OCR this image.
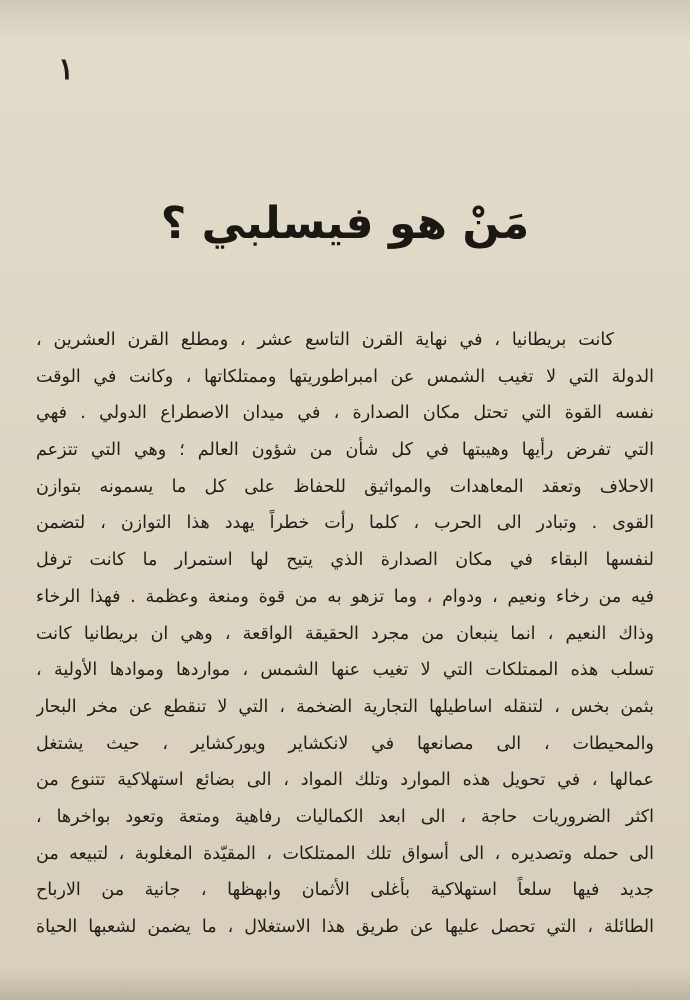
١
مَنْ هو فيسلبي ؟
كانت بريطانيا ، في نهاية القرن التاسع عشر ، ومطلع القرن العشرين ،
الدولة التي لا تغيب الشمس عن امبراطوريتها وممتلكاتها ، وكانت في الوقت
نفسه القوة التي تحتل مكان الصدارة ، في ميدان الاصطراع الدولي . فهي
التي تفرض رأيها وهيبتها في كل شأن من شؤون العالم ؛ وهي التي تتزعم
الاحلاف وتعقد المعاهدات والمواثيق للحفاظ على كل ما يسمونه بتوازن
القوى . وتبادر الى الحرب ، كلما رأت خطراً يهدد هذا التوازن ، لتضمن
لنفسها البقاء في مكان الصدارة الذي يتيح لها استمرار ما كانت ترفل
فيه من رخاء ونعيم ، ودوام ، وما تزهو به من قوة ومنعة وعظمة . فهذا الرخاء
وذاك النعيم ، انما ينبعان من مجرد الحقيقة الواقعة ، وهي ان بريطانيا كانت
تسلب هذه الممتلكات التي لا تغيب عنها الشمس ، مواردها وموادها الأولية ،
بثمن بخس ، لتنقله اساطيلها التجارية الضخمة ، التي لا تنقطع عن مخر البحار
والمحيطات ، الى مصانعها في لانكشاير ويوركشاير ، حيث يشتغل
عمالها ، في تحويل هذه الموارد وتلك المواد ، الى بضائع استهلاكية تتنوع من
اكثر الضروريات حاجة ، الى ابعد الكماليات رفاهية ومتعة وتعود بواخرها ،
الى حمله وتصديره ، الى أسواق تلك الممتلكات ، المقيّدة المغلوبة ، لتبيعه من
جديد فيها سلعاً استهلاكية بأغلى الأثمان وابهظها ، جانية من الارباح
الطائلة ، التي تحصل عليها عن طريق هذا الاستغلال ، ما يضمن لشعبها الحياة
